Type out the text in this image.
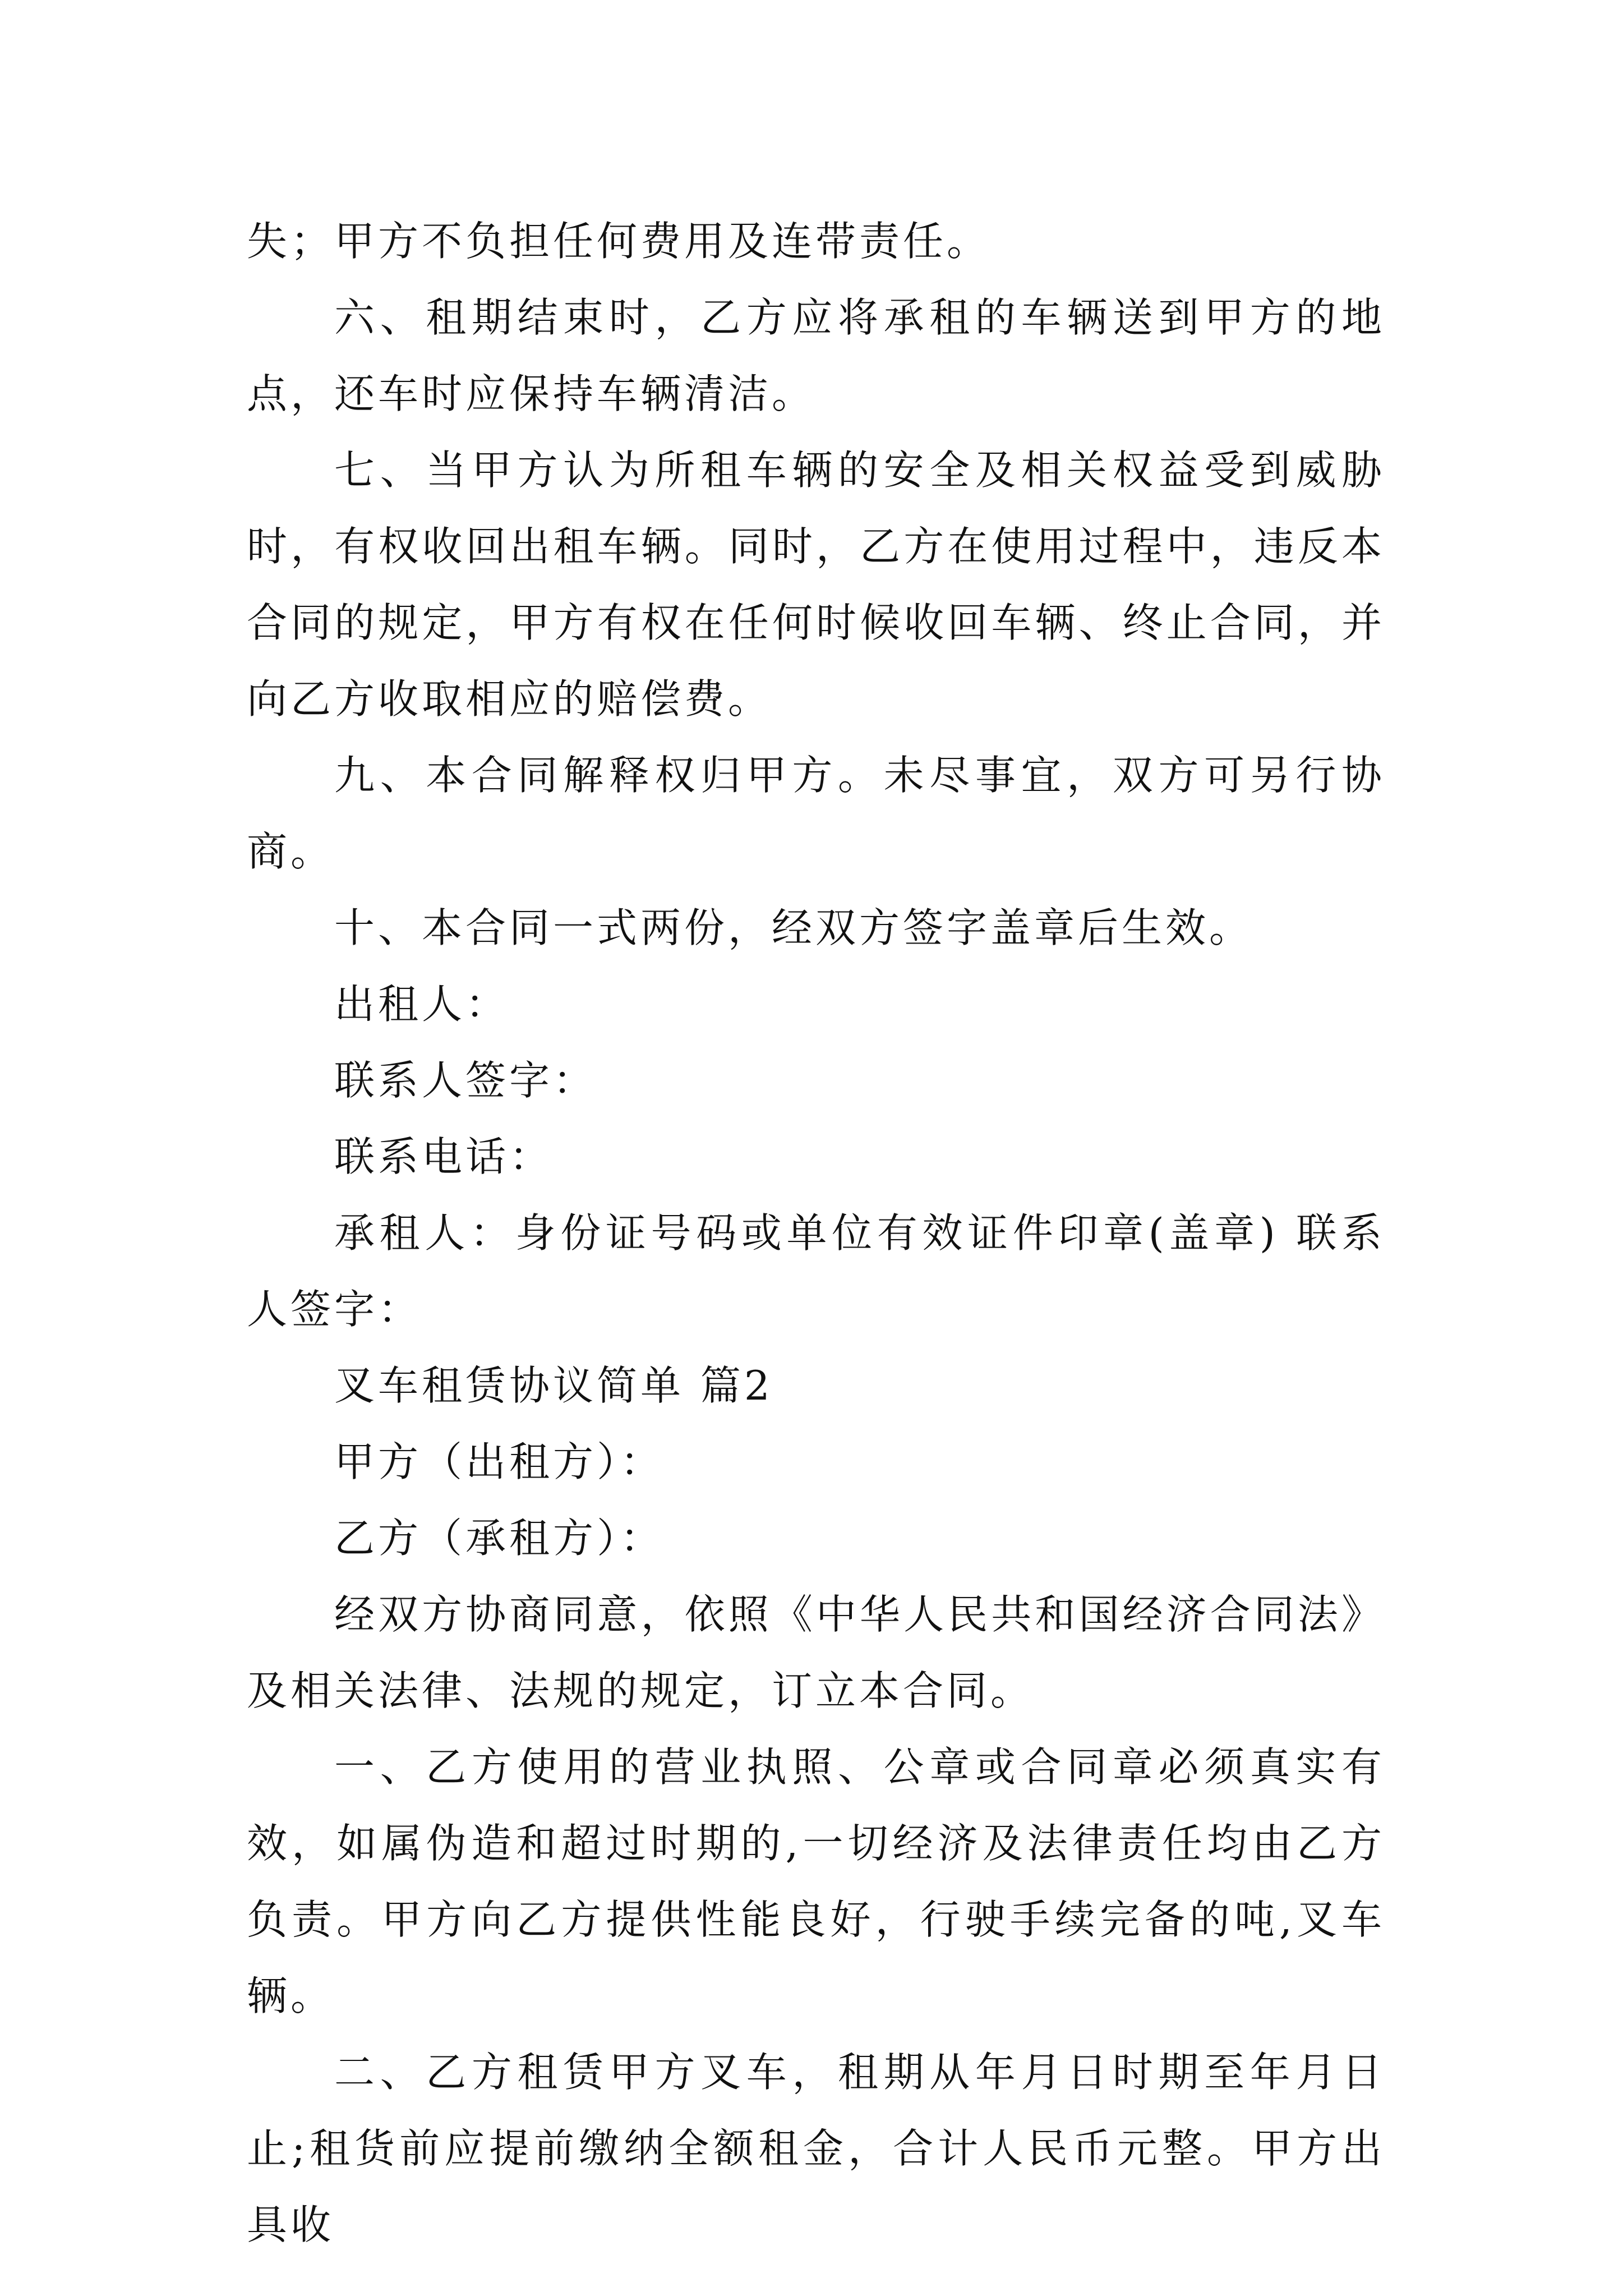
失；甲方不负担任何费用及连带责任。

六、租期结束时，乙方应将承租的车辆送到甲方的地点，还车时应保持车辆清洁。

七、当甲方认为所租车辆的安全及相关权益受到威胁时，有权收回出租车辆。同时，乙方在使用过程中，违反本合同的规定，甲方有权在任何时候收回车辆、终止合同，并向乙方收取相应的赔偿费。

九、本合同解释权归甲方。未尽事宜，双方可另行协商。

十、本合同一式两份，经双方签字盖章后生效。

出租人：

联系人签字：

联系电话：

承租人：身份证号码或单位有效证件印章(盖章) 联系人签字：

叉车租赁协议简单 篇2

甲方（出租方）：

乙方（承租方）：

经双方协商同意，依照《中华人民共和国经济合同法》及相关法律、法规的规定，订立本合同。

一、乙方使用的营业执照、公章或合同章必须真实有效，如属伪造和超过时期的,一切经济及法律责任均由乙方负责。甲方向乙方提供性能良好，行驶手续完备的吨,叉车辆。

二、乙方租赁甲方叉车，租期从年月日时期至年月日止;租货前应提前缴纳全额租金，合计人民币元整。甲方出具收
